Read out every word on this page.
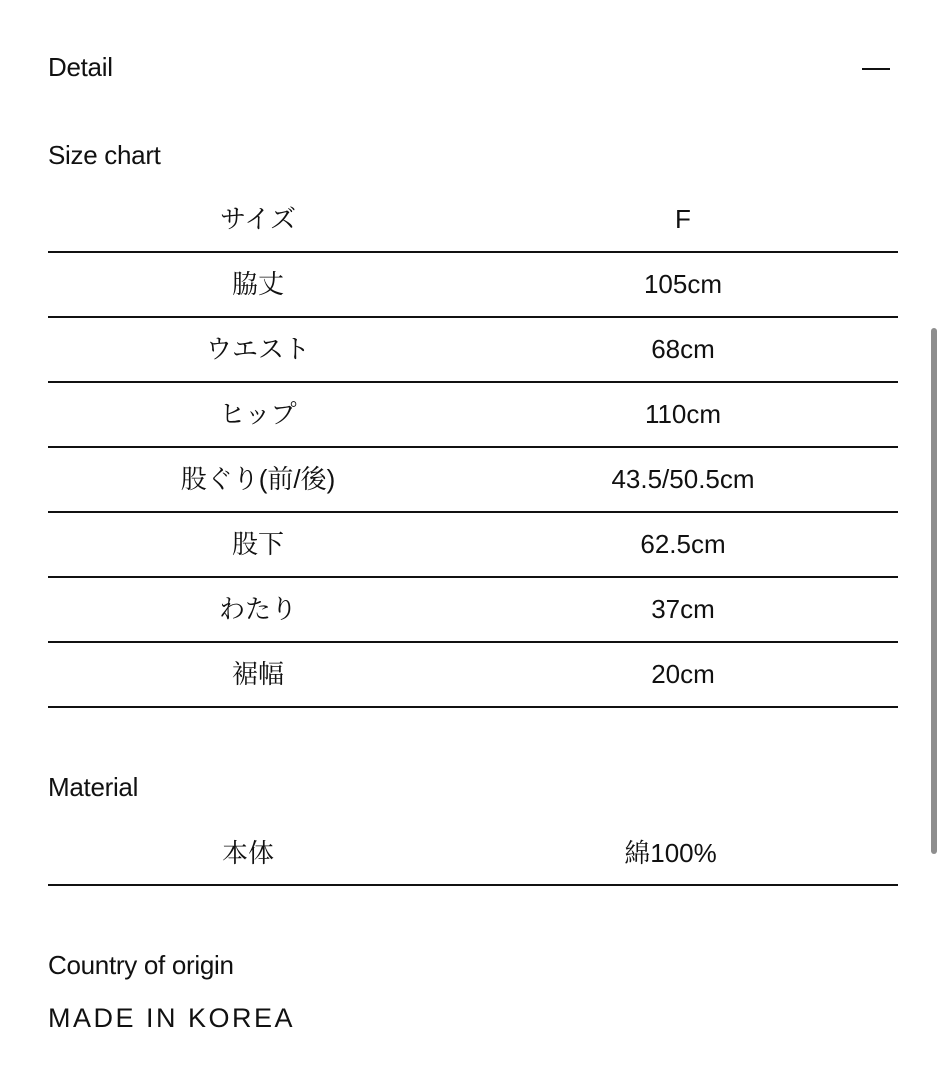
Detail
Size chart
サイズ	F
脇丈	105cm
ウエスト	68cm
ヒップ	110cm
股ぐり(前/後)	43.5/50.5cm
股下	62.5cm
わたり	37cm
裾幅	20cm
Material
本体	綿100%
Country of origin
MADE IN KOREA
